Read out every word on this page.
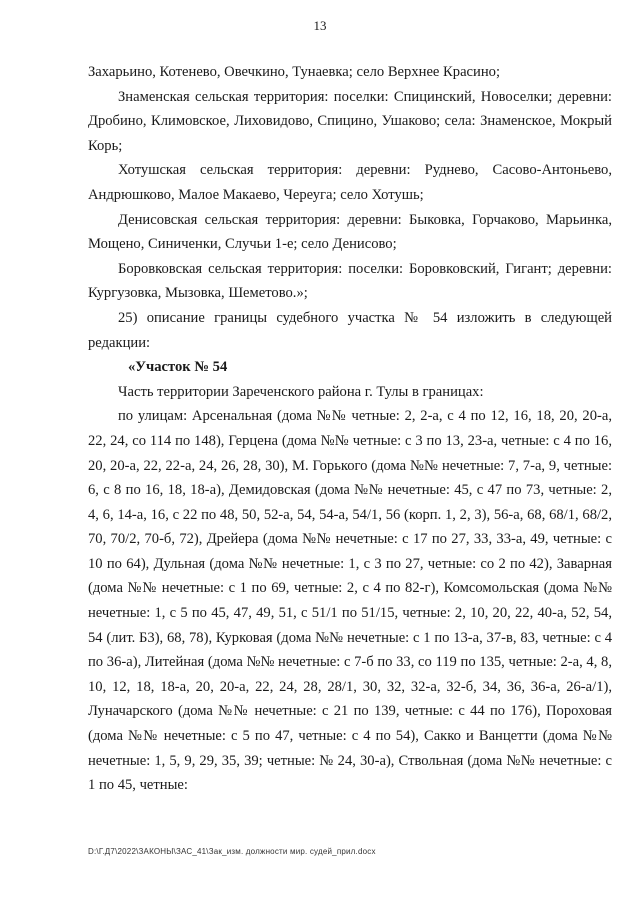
13

Захарьино, Котенево, Овечкино, Тунаевка; село Верхнее Красино;

Знаменская сельская территория: поселки: Спицинский, Новоселки; деревни: Дробино, Климовское, Лиховидово, Спицино, Ушаково; села: Знаменское, Мокрый Корь;

Хотушская сельская территория: деревни: Руднево, Сасово-Антоньево, Андрюшково, Малое Макаево, Череуга; село Хотушь;

Денисовская сельская территория: деревни: Быковка, Горчаково, Марьинка, Мощено, Синиченки, Случьи 1-е; село Денисово;

Боровковская сельская территория: поселки: Боровковский, Гигант; деревни: Кургузовка, Мызовка, Шеметово.»;

25) описание границы судебного участка № 54 изложить в следующей редакции:

«Участок № 54

Часть территории Зареченского района г. Тулы в границах:

по улицам: Арсенальная (дома №№ четные: 2, 2-а, с 4 по 12, 16, 18, 20, 20-а, 22, 24, со 114 по 148), Герцена (дома №№ четные: с 3 по 13, 23-а, четные: с 4 по 16, 20, 20-а, 22, 22-а, 24, 26, 28, 30), М. Горького (дома №№ нечетные: 7, 7-а, 9, четные: 6, с 8 по 16, 18, 18-а), Демидовская (дома №№ нечетные: 45, с 47 по 73, четные: 2, 4, 6, 14-а, 16, с 22 по 48, 50, 52-а, 54, 54-а, 54/1, 56 (корп. 1, 2, 3), 56-а, 68, 68/1, 68/2, 70, 70/2, 70-б, 72), Дрейера (дома №№ нечетные: с 17 по 27, 33, 33-а, 49, четные: с 10 по 64), Дульная (дома №№ нечетные: 1, с 3 по 27, четные: со 2 по 42), Заварная (дома №№ нечетные: с 1 по 69, четные: 2, с 4 по 82-г), Комсомольская (дома №№ нечетные: 1, с 5 по 45, 47, 49, 51, с 51/1 по 51/15, четные: 2, 10, 20, 22, 40-а, 52, 54, 54 (лит. Б3), 68, 78), Курковая (дома №№ нечетные: с 1 по 13-а, 37-в, 83, четные: с 4 по 36-а), Литейная (дома №№ нечетные: с 7-б по 33, со 119 по 135, четные: 2-а, 4, 8, 10, 12, 18, 18-а, 20, 20-а, 22, 24, 28, 28/1, 30, 32, 32-а, 32-б, 34, 36, 36-а, 26-а/1), Луначарского (дома №№ нечетные: с 21 по 139, четные: с 44 по 176), Пороховая (дома №№ нечетные: с 5 по 47, четные: с 4 по 54), Сакко и Ванцетти (дома №№ нечетные: 1, 5, 9, 29, 35, 39; четные: № 24, 30-а), Ствольная (дома №№ нечетные: с 1 по 45, четные:

D:\Г.Д7\2022\ЗАКОНЫ\ЗАС_41\Зак_изм. должности мир. судей_прил.docx
